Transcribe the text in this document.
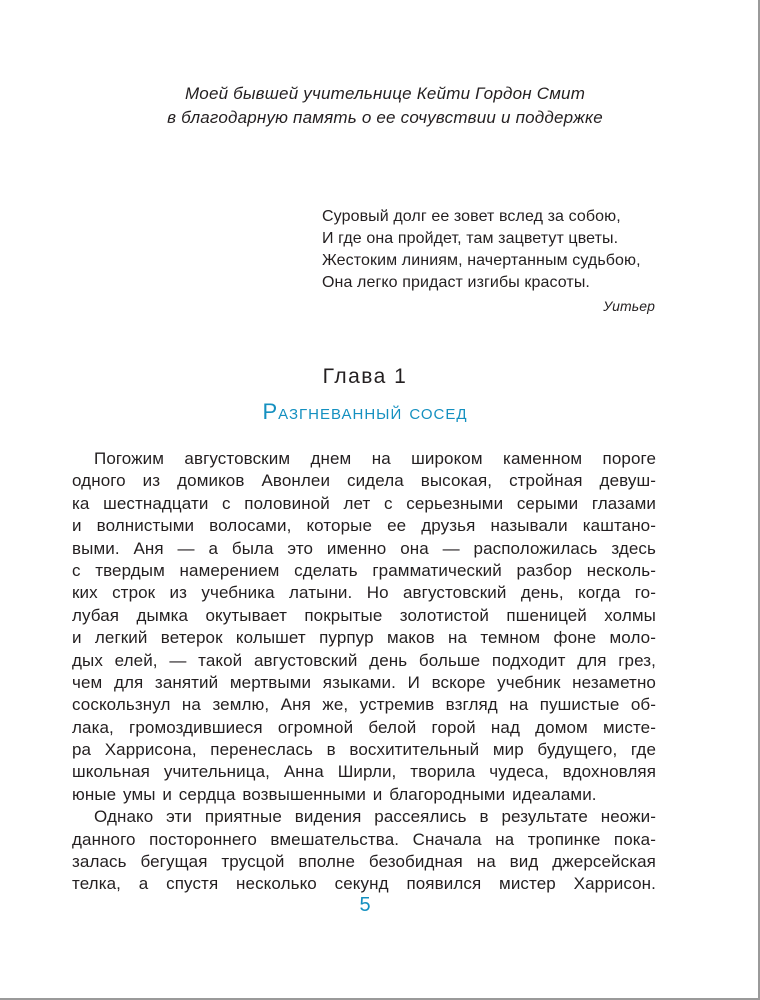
Моей бывшей учительнице Кейти Гордон Смит
в благодарную память о ее сочувствии и поддержке
Суровый долг ее зовет вслед за собою,
И где она пройдет, там зацветут цветы.
Жестоким линиям, начертанным судьбою,
Она легко придаст изгибы красоты.
Уитьер
Глава 1
Разгневанный сосед
Погожим августовским днем на широком каменном пороге
одного из домиков Авонлеи сидела высокая, стройная девуш-
ка шестнадцати с половиной лет с серьезными серыми глазами
и волнистыми волосами, которые ее друзья называли каштано-
выми. Аня — а была это именно она — расположилась здесь
с твердым намерением сделать грамматический разбор несколь-
ких строк из учебника латыни. Но августовский день, когда го-
лубая дымка окутывает покрытые золотистой пшеницей холмы
и легкий ветерок колышет пурпур маков на темном фоне моло-
дых елей, — такой августовский день больше подходит для грез,
чем для занятий мертвыми языками. И вскоре учебник незаметно
соскользнул на землю, Аня же, устремив взгляд на пушистые об-
лака, громоздившиеся огромной белой горой над домом мисте-
ра Харрисона, перенеслась в восхитительный мир будущего, где
школьная учительница, Анна Ширли, творила чудеса, вдохновляя
юные умы и сердца возвышенными и благородными идеалами.
Однако эти приятные видения рассеялись в результате неожи-
данного постороннего вмешательства. Сначала на тропинке пока-
залась бегущая трусцой вполне безобидная на вид джерсейская
телка, а спустя несколько секунд появился мистер Харрисон.
5
